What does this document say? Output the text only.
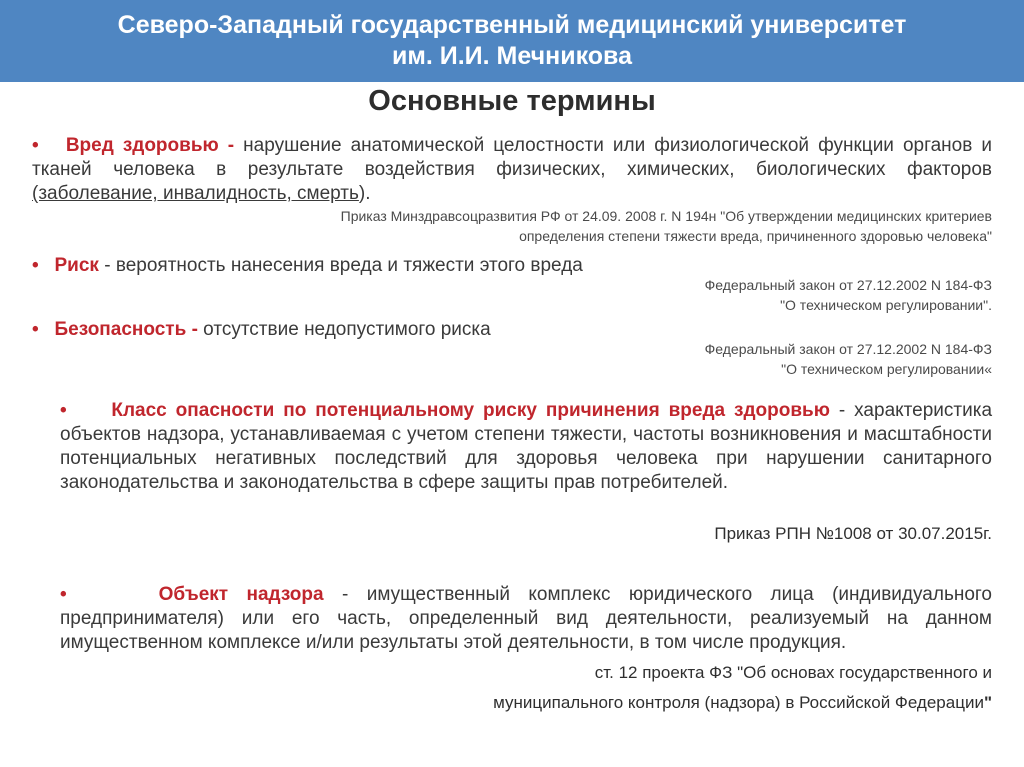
Северо-Западный государственный медицинский университет
им. И.И. Мечникова
Основные термины
• Вред здоровью - нарушение анатомической целостности или физиологической функции органов и тканей человека в результате воздействия физических, химических, биологических факторов (заболевание, инвалидность, смерть).
Приказ Минздравсоцразвития РФ от 24.09. 2008 г. N 194н "Об утверждении медицинских критериев
определения степени тяжести вреда, причиненного здоровью человека"
• Риск - вероятность нанесения вреда и тяжести этого вреда
Федеральный закон от 27.12.2002 N 184-ФЗ
"О техническом регулировании".
• Безопасность - отсутствие недопустимого риска
Федеральный закон от 27.12.2002 N 184-ФЗ
"О техническом регулировании«
• Класс опасности по потенциальному риску причинения вреда здоровью - характеристика объектов надзора, устанавливаемая с учетом степени тяжести, частоты возникновения и масштабности потенциальных негативных последствий для здоровья человека при нарушении санитарного законодательства и законодательства в сфере защиты прав потребителей.
Приказ РПН №1008 от 30.07.2015г.
•	Объект надзора - имущественный комплекс юридического лица (индивидуального предпринимателя) или его часть, определенный вид деятельности, реализуемый на данном имущественном комплексе и/или результаты этой деятельности, в том числе продукция.
ст. 12 проекта ФЗ "Об основах государственного и
муниципального контроля (надзора) в Российской Федерации"
